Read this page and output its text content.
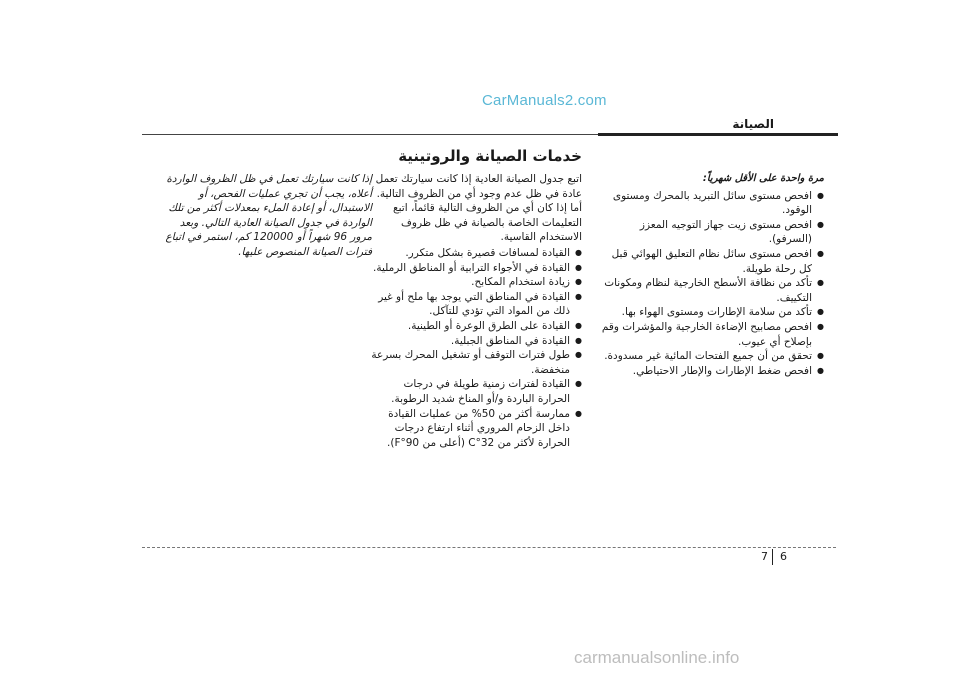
CarManuals2.com
الصيانة
خدمات الصيانة والروتينية
مرة واحدة على الأقل شهرياً:
● افحص مستوى سائل التبريد بالمحرك ومستوى الوقود.
● افحص مستوى زيت جهاز التوجيه المعزز (السرفو).
● افحص مستوى سائل نظام التعليق الهوائي قبل كل رحلة طويلة.
● تأكد من نظافة الأسطح الخارجية لنظام ومكونات التكييف.
● تأكد من سلامة الإطارات ومستوى الهواء بها.
● افحص مصابيح الإضاءة الخارجية والمؤشرات وقم بإصلاح أي عيوب.
● تحقق من أن جميع الفتحات المائية غير مسدودة.
● افحص ضغط الإطارات والإطار الاحتياطي.

اتبع جدول الصيانة العادية إذا كانت سيارتك تعمل عادة في ظل عدم وجود أي من الظروف التالية. أما إذا كان أي من الظروف التالية قائماً، اتبع التعليمات الخاصة بالصيانة في ظل ظروف الاستخدام القاسية.

● القيادة لمسافات قصيرة بشكل متكرر.
● القيادة في الأجواء الترابية أو المناطق الرملية.
● زيادة استخدام المكابح.
● القيادة في المناطق التي يوجد بها ملح أو غير ذلك من المواد التي تؤدي للتآكل.
● القيادة على الطرق الوعرة أو الطينية.
● القيادة في المناطق الجبلية.
● طول فترات التوقف أو تشغيل المحرك بسرعة منخفضة.
● القيادة لفترات زمنية طويلة في درجات الحرارة الباردة و/أو المناخ شديد الرطوبة.
● ممارسة أكثر من 50% من عمليات القيادة داخل الزحام المروري أثناء ارتفاع درجات الحرارة لأكثر من 32°C (أعلى من 90°F).

إذا كانت سيارتك تعمل في ظل الظروف الواردة أعلاه، يجب أن تجري عمليات الفحص، أو الاستبدال، أو إعادة الملء بمعدلات أكثر من تلك الواردة في جدول الصيانة العادية التالي. وبعد مرور 96 شهراً أو 120000 كم، استمر في اتباع فترات الصيانة المنصوص عليها.

7 6
carmanualsonline.info
